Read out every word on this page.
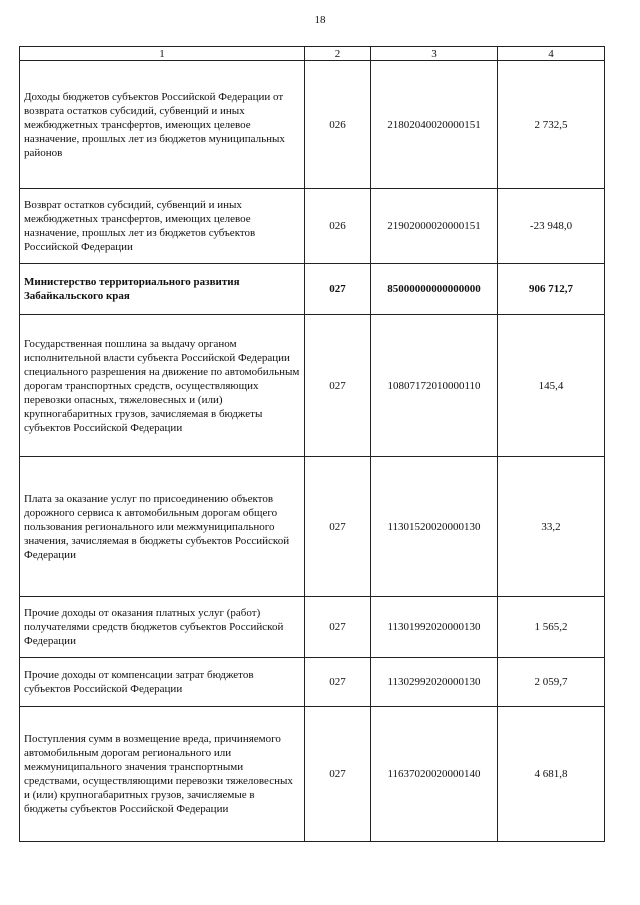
18
1	2	3	4
Доходы бюджетов субъектов Российской Федерации от возврата остатков субсидий, субвенций и иных межбюджетных трансфертов, имеющих целевое назначение, прошлых лет из бюджетов муниципальных районов	026	21802040020000151	2 732,5
Возврат остатков субсидий, субвенций и иных межбюджетных трансфертов, имеющих целевое назначение, прошлых лет из бюджетов субъектов Российской Федерации	026	21902000020000151	-23 948,0
Министерство территориального развития Забайкальского края	027	85000000000000000	906 712,7
Государственная пошлина за выдачу органом исполнительной власти субъекта Российской Федерации специального разрешения на движение по автомобильным дорогам транспортных средств, осуществляющих перевозки опасных, тяжеловесных и (или) крупногабаритных грузов, зачисляемая в бюджеты субъектов Российской Федерации	027	10807172010000110	145,4
Плата за оказание услуг по присоединению объектов дорожного сервиса к автомобильным дорогам общего пользования регионального или межмуниципального значения, зачисляемая в бюджеты субъектов Российской Федерации	027	11301520020000130	33,2
Прочие доходы от оказания платных услуг (работ) получателями средств бюджетов субъектов Российской Федерации	027	11301992020000130	1 565,2
Прочие доходы от компенсации затрат бюджетов субъектов Российской Федерации	027	11302992020000130	2 059,7
Поступления сумм в возмещение вреда, причиняемого автомобильным дорогам регионального или межмуниципального значения транспортными средствами, осуществляющими перевозки тяжеловесных и (или) крупногабаритных грузов, зачисляемые в бюджеты субъектов Российской Федерации	027	11637020020000140	4 681,8
